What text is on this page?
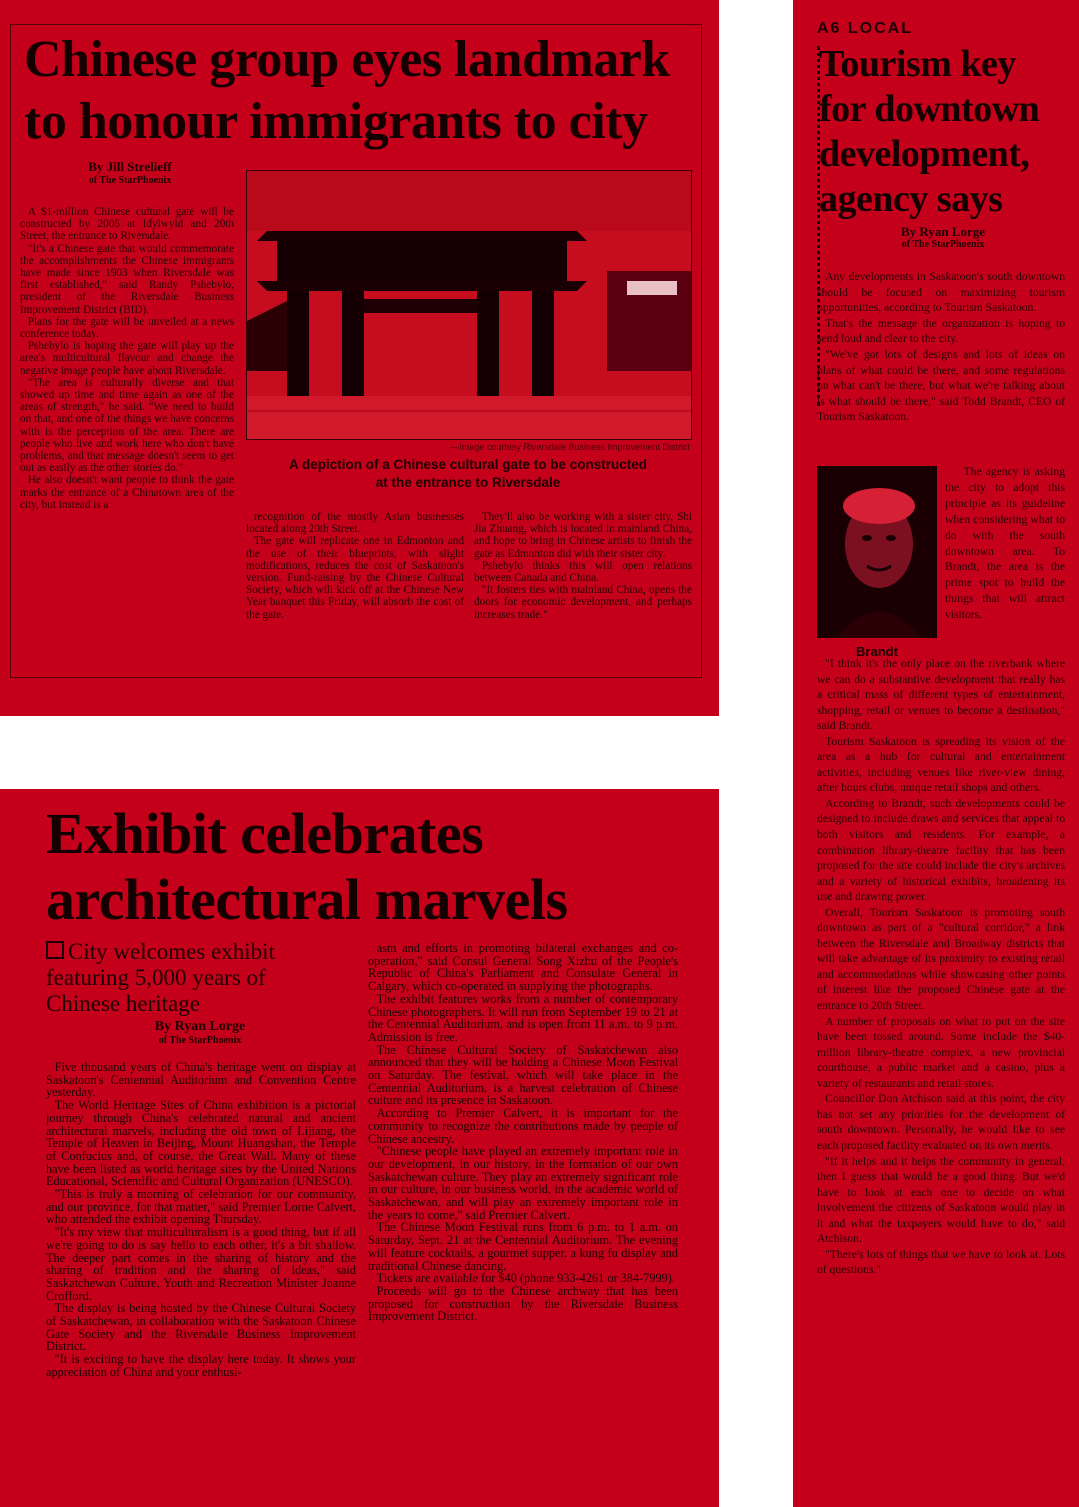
Chinese group eyes landmark
to honour immigrants to city
By Jill Strelieff
of The StarPhoenix

A $1-million Chinese cultural gate will be constructed by 2005 at Idylwyld and 20th Street, the entrance to Riversdale.

"It's a Chinese gate that would commemorate the accomplishments the Chinese immigrants have made since 1903 when Riversdale was first established," said Randy Pshebylo, president of the Riversdale Business Improvement District (BID).

Plans for the gate will be unveiled at a news conference today.

Pshebylo is hoping the gate will play up the area's multicultural flavour and change the negative image people have about Riversdale.

"The area is culturally diverse and that showed up time and time again as one of the areas of strength," he said. "We need to build on that, and one of the things we have concerns with is the perception of the area. There are people who live and work here who don't have problems, and that message doesn't seem to get out as easily as the other stories do."

He also doesn't want people to think the gate marks the entrance of a Chinatown area of the city, but instead is a

—Image courtesy Riversdale Business Improvement District
A depiction of a Chinese cultural gate to be constructed
at the entrance to Riversdale

recognition of the mostly Asian businesses located along 20th Street.

The gate will replicate one in Edmonton and the use of their blueprints, with slight modifications, reduces the cost of Saskatoon's version. Fund-raising by the Chinese Cultural Society, which will kick off at the Chinese New Year banquet this Friday, will absorb the cost of the gate.

They'll also be working with a sister city, Shi Jia Zhuang, which is located in mainland China, and hope to bring in Chinese artists to finish the gate as Edmonton did with their sister city.

Pshebylo thinks this will open relations between Canada and China.

"It fosters ties with mainland China, opens the doors for economic development, and perhaps increases trade."

Exhibit celebrates
architectural marvels
City welcomes exhibit featuring 5,000 years of Chinese heritage
By Ryan Lorge
of The StarPhoenix

Five thousand years of China's heritage went on display at Saskatoon's Centennial Auditorium and Convention Centre yesterday.

The World Heritage Sites of China exhibition is a pictorial journey through China's celebrated natural and ancient architectural marvels, including the old town of Lijiang, the Temple of Heaven in Beijing, Mount Huangshan, the Temple of Confucius and, of course, the Great Wall. Many of these have been listed as world heritage sites by the United Nations Educational, Scientific and Cultural Organization (UNESCO).

"This is truly a morning of celebration for our community, and our province, for that matter," said Premier Lorne Calvert, who attended the exhibit opening Thursday.

"It's my view that multiculturalism is a good thing, but if all we're going to do is say hello to each other, it's a bit shallow. The deeper part comes in the sharing of history and the sharing of tradition and the sharing of ideas," said Saskatchewan Culture, Youth and Recreation Minister Joanne Crofford.

The display is being hosted by the Chinese Cultural Society of Saskatchewan, in collaboration with the Saskatoon Chinese Gate Society and the Riversdale Business Improvement District.

"It is exciting to have the display here today. It shows your appreciation of China and your enthusi-

asm and efforts in promoting bilateral exchanges and co-operation," said Consul General Song Xizhu of the People's Republic of China's Parliament and Consulate General in Calgary, which co-operated in supplying the photographs.

The exhibit features works from a number of contemporary Chinese photographers. It will run from September 19 to 21 at the Centennial Auditorium, and is open from 11 a.m. to 9 p.m. Admission is free.

The Chinese Cultural Society of Saskatchewan also announced that they will be holding a Chinese Moon Festival on Saturday. The festival, which will take place in the Centennial Auditorium, is a harvest celebration of Chinese culture and its presence in Saskatoon.

According to Premier Calvert, it is important for the community to recognize the contributions made by people of Chinese ancestry.

"Chinese people have played an extremely important role in our development, in our history, in the formation of our own Saskatchewan culture. They play an extremely significant role in our culture, in our business world, in the academic world of Saskatchewan, and will play an extremely important role in the years to come," said Premier Calvert.

The Chinese Moon Festival runs from 6 p.m. to 1 a.m. on Saturday, Sept. 21 at the Centennial Auditorium. The evening will feature cocktails, a gourmet supper, a kung fu display and traditional Chinese dancing.

Tickets are available for $40 (phone 933-4261 or 384-7999).

Proceeds will go to the Chinese archway that has been proposed for construction by the Riversdale Business Improvement District.

A6 LOCAL
Tourism key
for downtown
development,
agency says
By Ryan Lorge
of The StarPhoenix

Any developments in Saskatoon's south downtown should be focused on maximizing tourism opportunities, according to Tourism Saskatoon.

That's the message the organization is hoping to send loud and clear to the city.

"We've got lots of designs and lots of ideas on plans of what could be there, and some regulations on what can't be there, but what we're talking about is what should be there," said Todd Brandt, CEO of Tourism Saskatoon.

Brandt
The agency is asking the city to adopt this principle as its guideline when considering what to do with the south downtown area. To Brandt, the area is the prime spot to build the things that will attract visitors.

"I think it's the only place on the riverbank where we can do a substantive development that really has a critical mass of different types of entertainment, shopping, retail or venues to become a destination," said Brandt.

Tourism Saskatoon is spreading its vision of the area as a hub for cultural and entertainment activities, including venues like river-view dining, after hours clubs, unique retail shops and others.

According to Brandt, such developments could be designed to include draws and services that appeal to both visitors and residents. For example, a combination library-theatre facility that has been proposed for the site could include the city's archives and a variety of historical exhibits, broadening its use and drawing power.

Overall, Tourism Saskatoon is promoting south downtown as part of a "cultural corridor," a link between the Riversdale and Broadway districts that will take advantage of its proximity to existing retail and accommodations while showcasing other points of interest like the proposed Chinese gate at the entrance to 20th Street.

A number of proposals on what to put on the site have been tossed around. Some include the $40-million library-theatre complex, a new provincial courthouse, a public market and a casino, plus a variety of restaurants and retail stores.

Councillor Don Atchison said at this point, the city has not set any priorities for the development of south downtown. Personally, he would like to see each proposed facility evaluated on its own merits.

"If it helps and it helps the community in general, then I guess that would be a good thing. But we'd have to look at each one to decide on what involvement the citizens of Saskatoon would play in it and what the taxpayers would have to do," said Atchison.

"There's lots of things that we have to look at. Lots of questions."
